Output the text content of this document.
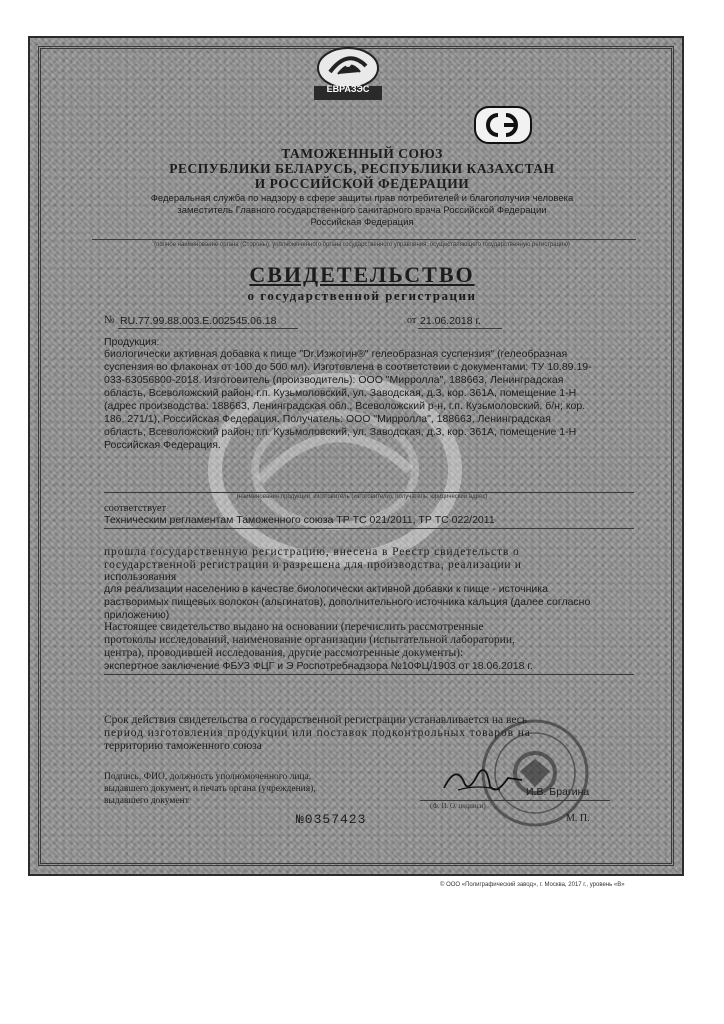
ЕВРАЗЭС
ТАМОЖЕННЫЙ СОЮЗ
РЕСПУБЛИКИ БЕЛАРУСЬ, РЕСПУБЛИКИ КАЗАХСТАН
И РОССИЙСКОЙ ФЕДЕРАЦИИ
Федеральная служба по надзору в сфере защиты прав потребителей и благополучия человека
заместитель Главного государственного санитарного врача Российской Федерации
Российская Федерация
(полное наименование органа (Стороны), уполномоченного органа государственного управления, осуществляющего государственную регистрацию)
СВИДЕТЕЛЬСТВО
о государственной регистрации
№ RU.77.99.88.003.Е.002545.06.18	от 21.06.2018 г.
Продукция:
биологически активная добавка к пище "Dr.Изжогин®" гелеобразная суспензия" (гелеобразная
суспензия во флаконах от 100 до 500 мл). Изготовлена в соответствии с документами: ТУ 10.89.19-
033-63056800-2018. Изготовитель (производитель): ООО "Мирролла", 188663, Ленинградская
область, Всеволожский район, г.п. Кузьмоловский, ул. Заводская, д.3, кор. 361А, помещение 1-Н
(адрес производства: 188663, Ленинградская обл., Всеволожский р-н, г.п. Кузьмоловский, б/н; кор.
186, 271/1), Российская Федерация. Получатель: ООО "Мирролла", 188663, Ленинградская
область, Всеволожский район, г.п. Кузьмоловский, ул. Заводская, д.3, кор. 361А, помещение 1-Н
Российская Федерация.
(наименование продукции, изготовитель (изготовители), получатель, юридический адрес)
соответствует
Техническим регламентам Таможенного союза ТР ТС 021/2011, ТР ТС 022/2011
прошла государственную регистрацию, внесена в Реестр свидетельств о
государственной регистрации и разрешена для производства, реализации и
использования
для реализации населению в качестве биологически активной добавки к пище - источника
растворимых пищевых волокон (альгинатов), дополнительного источника кальция (далее согласно
приложению)
Настоящее свидетельство выдано на основании (перечислить рассмотренные
протоколы исследований, наименование организации (испытательной лаборатории,
центра), проводившей исследования, другие рассмотренные документы):
экспертное заключение ФБУЗ ФЦГ и Э Роспотребнадзора №10ФЦ/1903 от 18.06.2018 г.
Срок действия свидетельства о государственной регистрации устанавливается на весь
период изготовления продукции или поставок подконтрольных товаров на
территорию таможенного союза
Подпись, ФИО, должность уполномоченного лица,
выдавшего документ, и печать органа (учреждения),
выдавшего документ
И.В. Брагина
(Ф. И. О. подписи)
№0357423	М. П.
© ООО «Полиграфический завод», г. Москва, 2017 г., уровень «В»
